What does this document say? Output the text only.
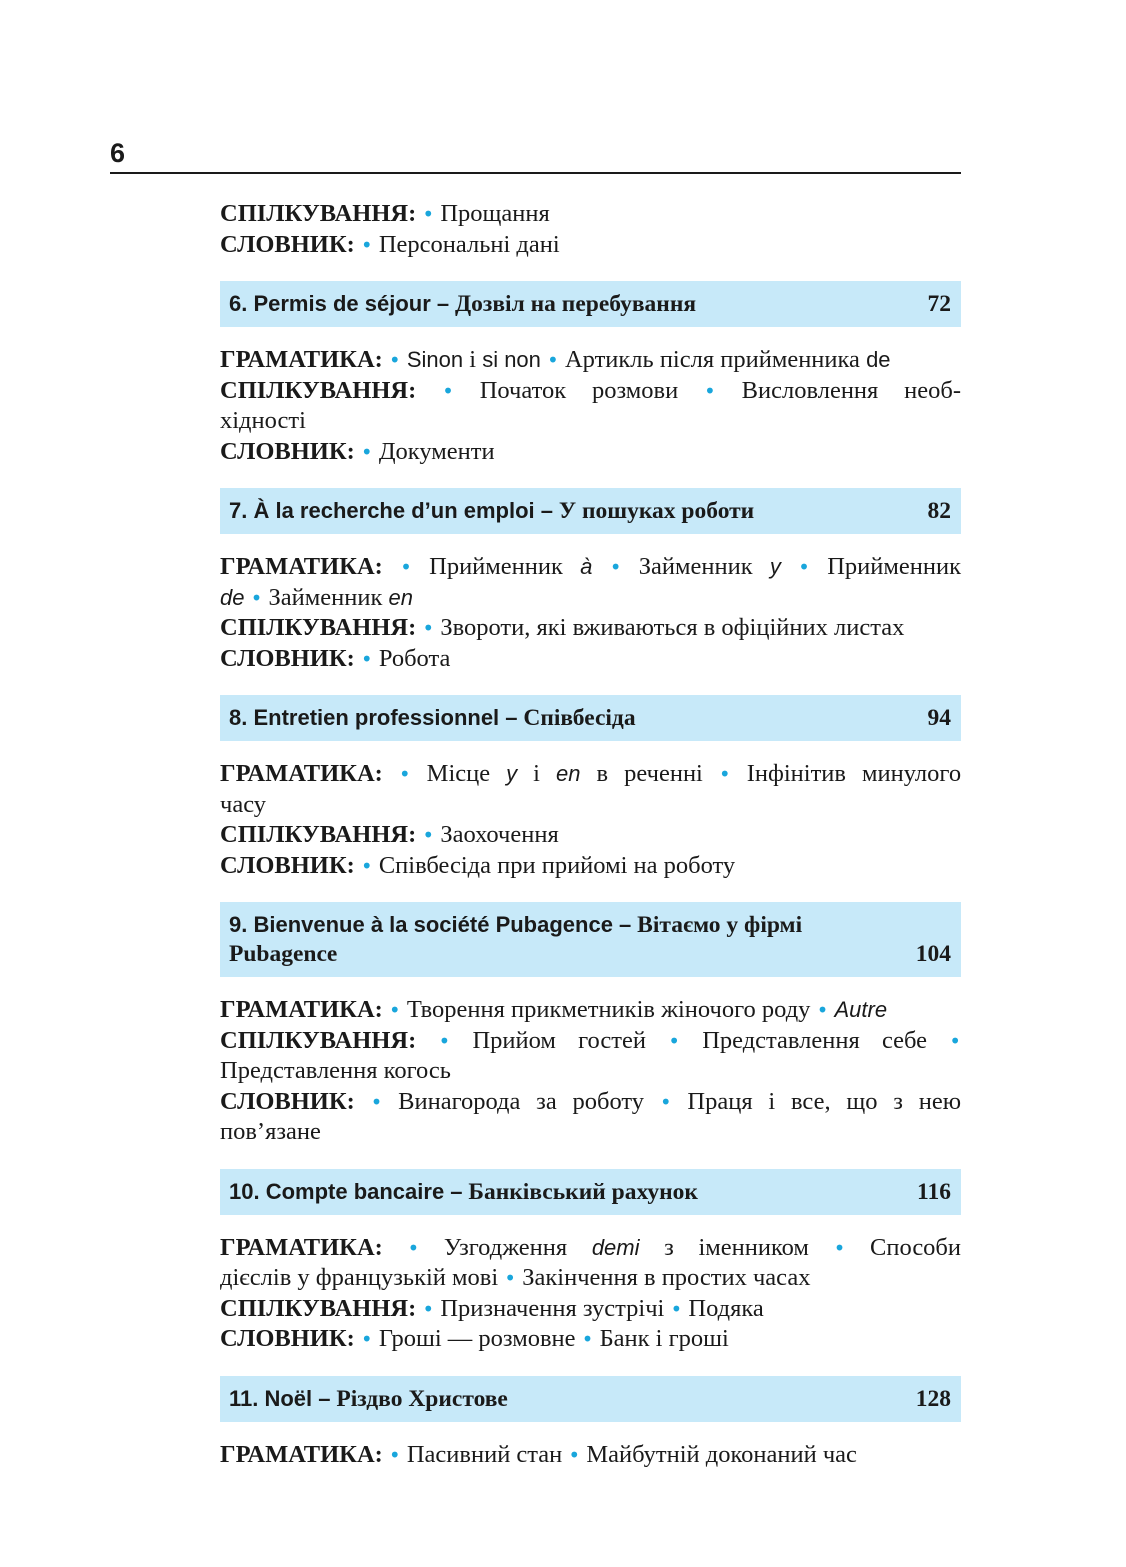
6

СПІЛКУВАННЯ: • Прощання

СЛОВНИК: • Персональні дані

6. Permis de séjour – Дозвіл на перебування	72

ГРАМАТИКА: • Sinon і si non • Артикль після прийменника de

СПІЛКУВАННЯ: • Початок розмови • Висловлення необ-

хідності

СЛОВНИК: • Документи

7. À la recherche d’un emploi – У пошуках роботи	82

ГРАМАТИКА: • Прийменник à • Займенник y • Прийменник

de • Займенник en

СПІЛКУВАННЯ: • Звороти, які вживаються в офіційних листах

СЛОВНИК: • Робота

8. Entretien professionnel – Співбесіда	94

ГРАМАТИКА: • Місце y і en в реченні • Інфінітив минулого

часу

СПІЛКУВАННЯ: • Заохочення

СЛОВНИК: • Співбесіда при прийомі на роботу

9. Bienvenue à la société Pubagence – Вітаємо у фірмі
Pubagence	104

ГРАМАТИКА: • Творення прикметників жіночого роду • Autre

СПІЛКУВАННЯ: • Прийом гостей • Представлення себе •

Представлення когось

СЛОВНИК: • Винагорода за роботу • Праця і все, що з нею

пов’язане

10. Compte bancaire – Банківський рахунок	116

ГРАМАТИКА: • Узгодження demi з іменником • Способи

дієслів у французькій мові • Закінчення в простих часах

СПІЛКУВАННЯ: • Призначення зустрічі • Подяка

СЛОВНИК: • Гроші — розмовне • Банк і гроші

11. Noël – Різдво Христове	128

ГРАМАТИКА: • Пасивний стан • Майбутній доконаний час
